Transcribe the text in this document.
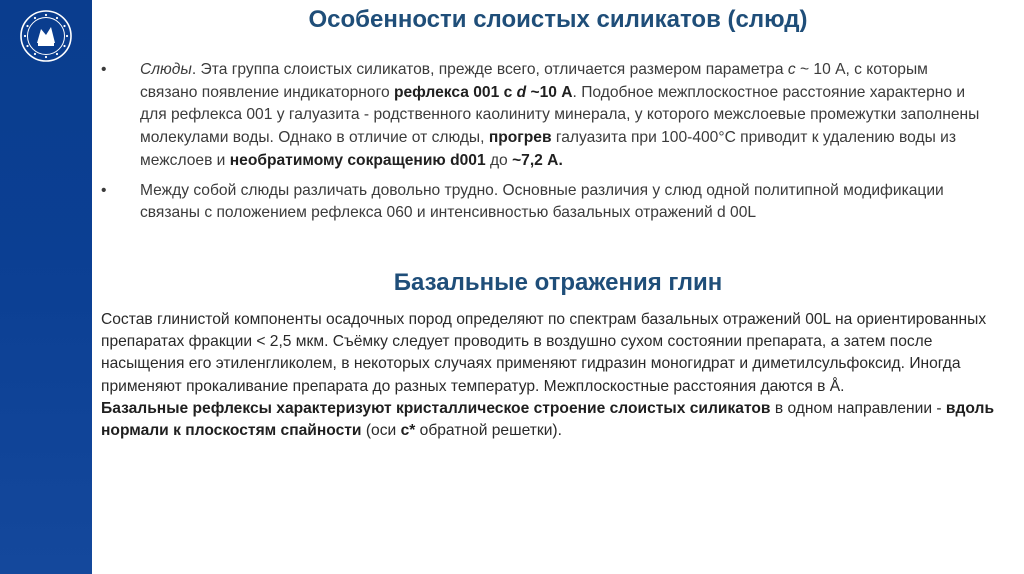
Особенности слоистых силикатов (слюд)
• Слюды. Эта группа слоистых силикатов, прежде всего, отличается размером параметра с ~ 10 А, с которым связано появление индикаторного рефлекса 001 с d ~10 А. Подобное межплоскостное расстояние характерно и для рефлекса 001 у галуазита - родственного каолиниту минерала, у которого межслоевые промежутки заполнены молекулами воды. Однако в отличие от слюды, прогрев галуазита при 100-400°С приводит к удалению воды из межслоев и необратимому сокращению d001 до ~7,2 А.
• Между собой слюды различать довольно трудно. Основные различия у слюд одной политипной модификации связаны с положением рефлекса 060 и интенсивностью базальных отражений d 00L
Базальные отражения глин

Состав глинистой компоненты осадочных пород определяют по спектрам базальных отражений 00L на ориентированных препаратах фракции < 2,5 мкм. Съёмку следует проводить в воздушно сухом состоянии препарата, а затем после насыщения его этиленгликолем, в некоторых случаях применяют гидразин моногидрат и диметилсульфоксид. Иногда применяют прокаливание препарата до разных температур. Межплоскостные расстояния даются в Å.
Базальные рефлексы характеризуют кристаллическое строение слоистых силикатов в одном направлении - вдоль нормали к плоскостям спайности (оси с* обратной решетки).
